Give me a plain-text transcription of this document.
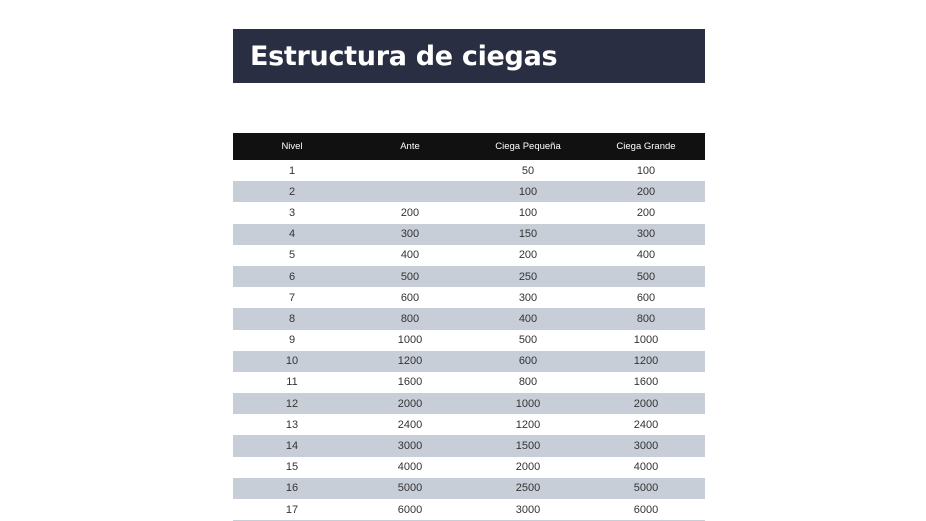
Estructura de ciegas
Nivel	Ante	Ciega Pequeña	Ciega Grande
1		50	100
2		100	200
3	200	100	200
4	300	150	300
5	400	200	400
6	500	250	500
7	600	300	600
8	800	400	800
9	1000	500	1000
10	1200	600	1200
11	1600	800	1600
12	2000	1000	2000
13	2400	1200	2400
14	3000	1500	3000
15	4000	2000	4000
16	5000	2500	5000
17	6000	3000	6000
